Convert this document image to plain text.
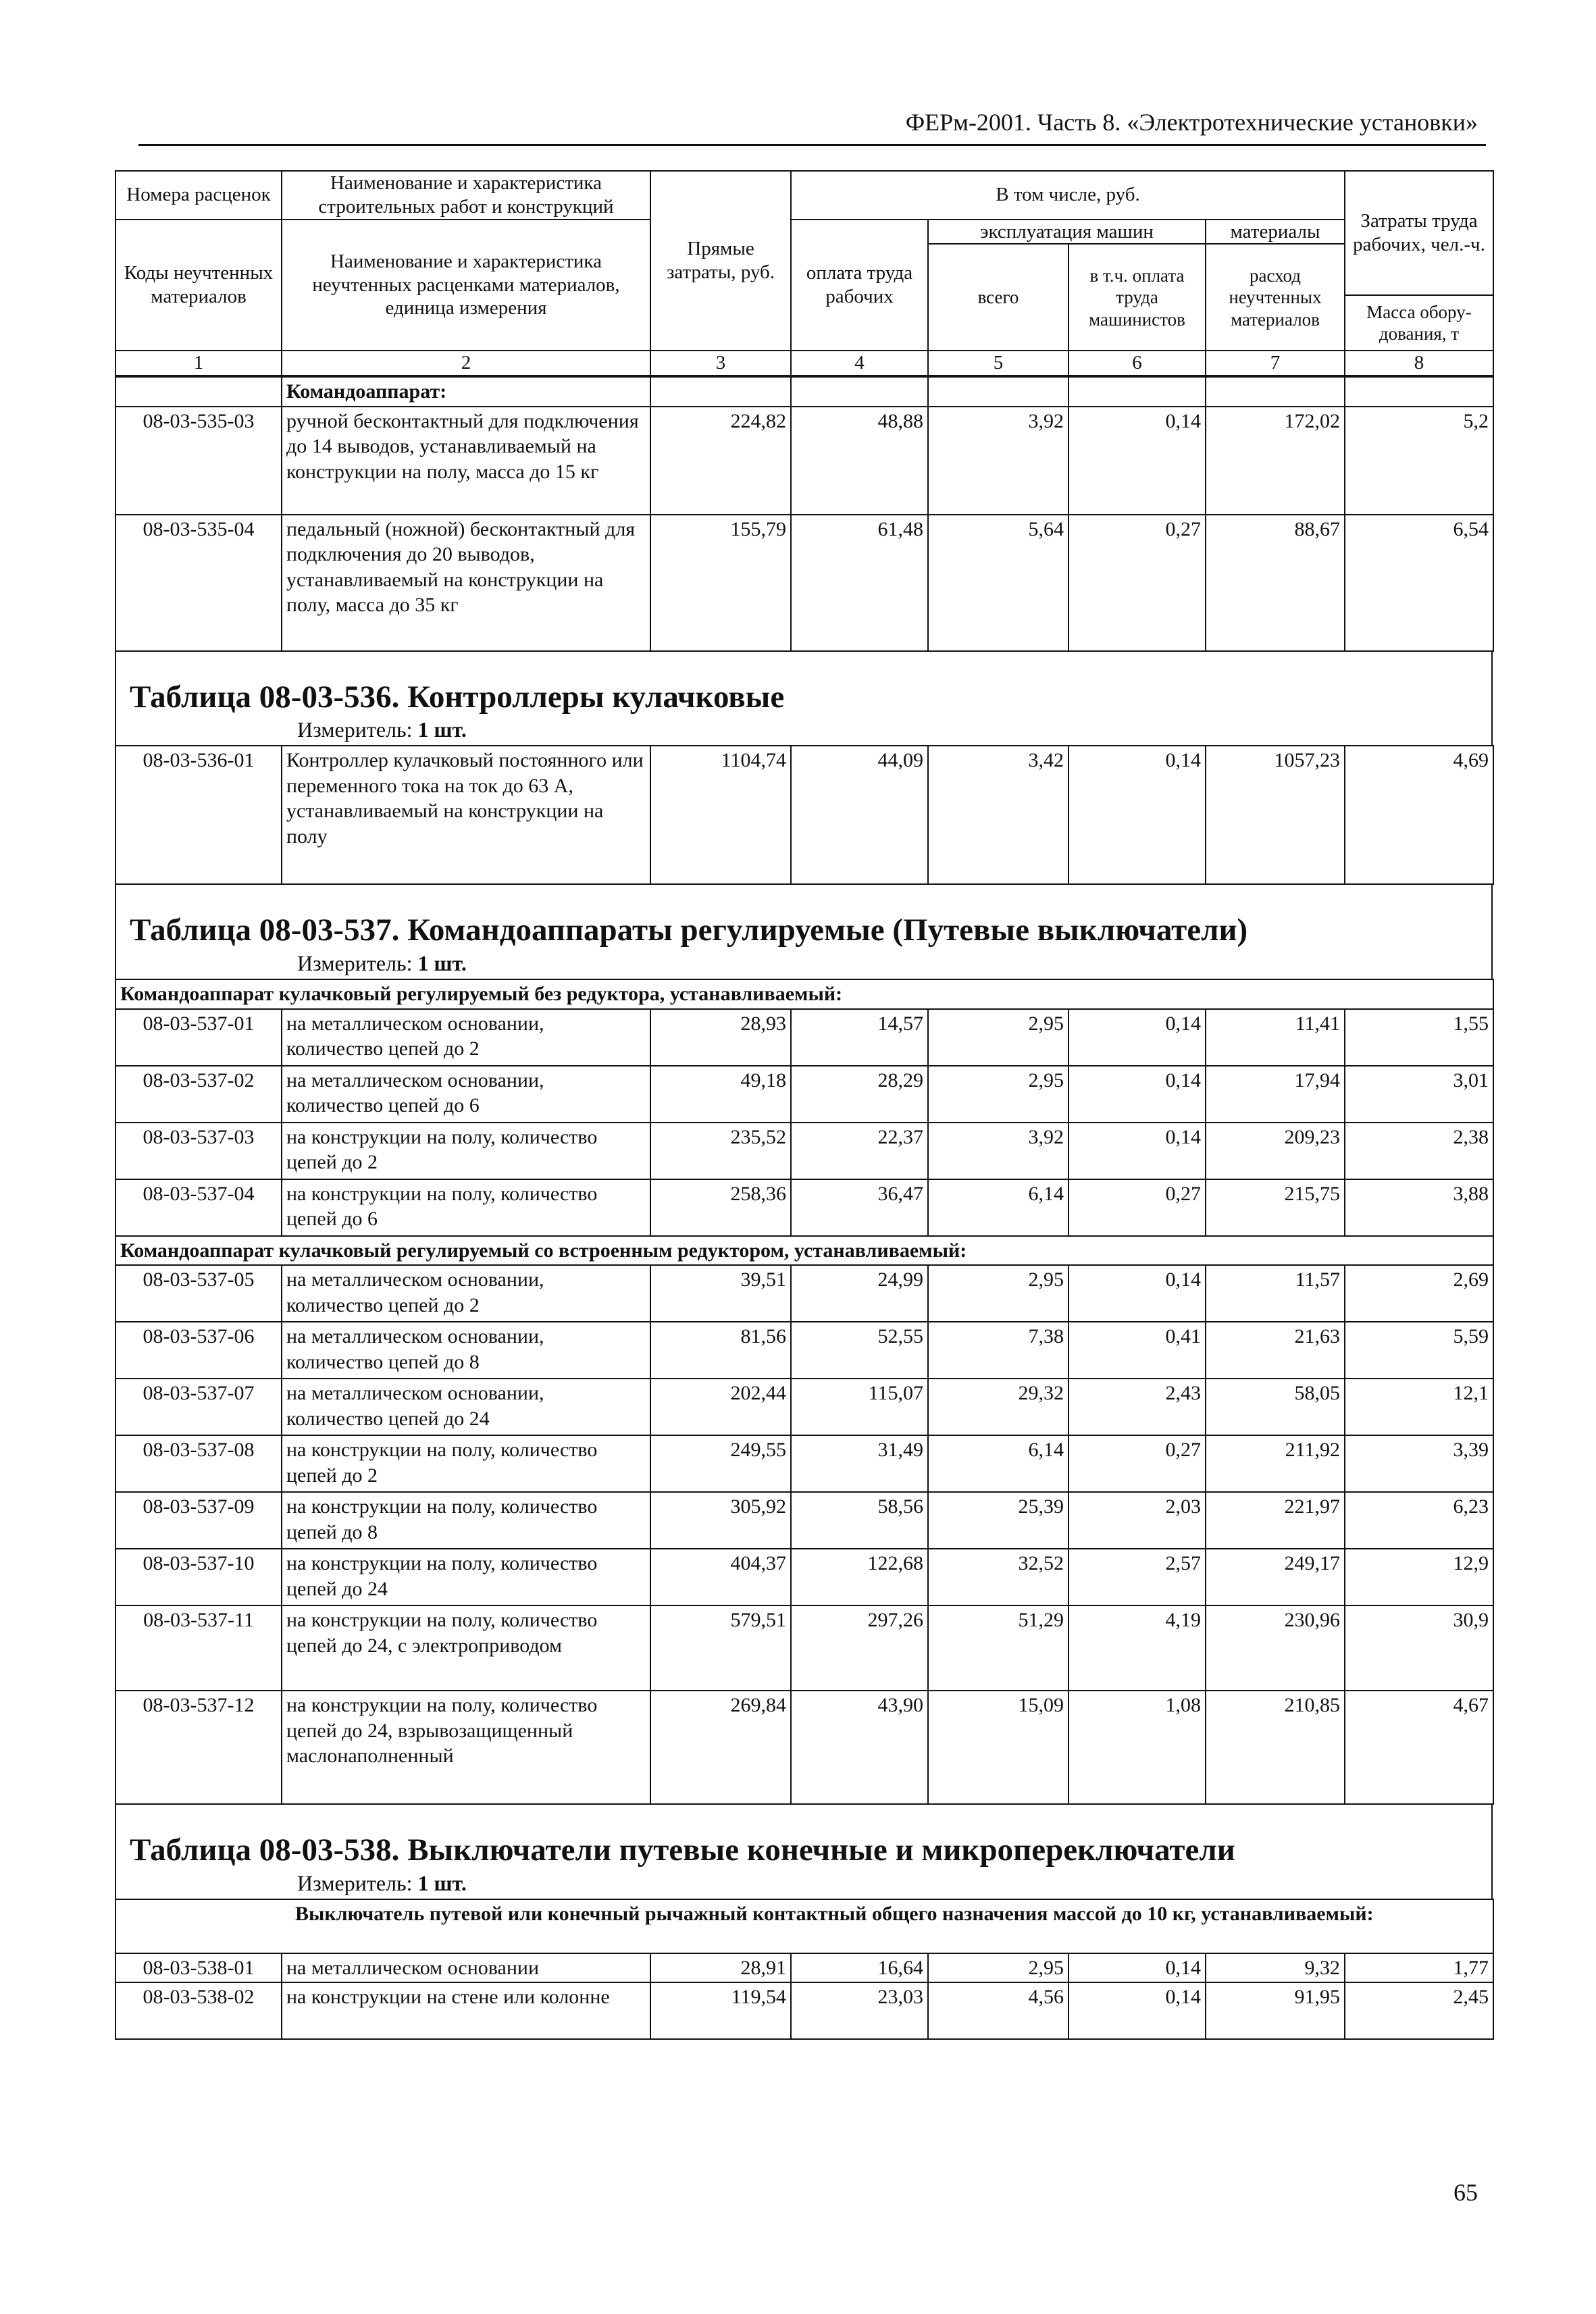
ФЕРм-2001. Часть 8. «Электротехнические установки»
Номера расценок	Наименование и характеристика строительных работ и конструкций	Прямые затраты, руб.	В том числе, руб.				Затраты труда рабочих, чел.-ч.
Коды неучтенных материалов	Наименование и характеристика неучтенных расценками материалов, единица измерения		оплата труда рабочих	эксплуатация машин		материалы	
				всего	в т.ч. оплата труда машинистов	расход неучтенных материалов	
							Масса обору-дования, т
1	2	3	4	5	6	7	8
	Командоаппарат:						
08-03-535-03	ручной бесконтактный для подключения до 14 выводов, устанавливаемый на конструкции на полу, масса до 15 кг	224,82	48,88	3,92	0,14	172,02	5,2
08-03-535-04	педальный (ножной) бесконтактный для подключения до 20 выводов, устанавливаемый на конструкции на полу, масса до 35 кг	155,79	61,48	5,64	0,27	88,67	6,54
Таблица 08-03-536. Контроллеры кулачковые
Измеритель: 1 шт.
08-03-536-01	Контроллер кулачковый постоянного или переменного тока на ток до 63 А, устанавливаемый на конструкции на полу	1104,74	44,09	3,42	0,14	1057,23	4,69
Таблица 08-03-537. Командоаппараты регулируемые (Путевые выключатели)
Измеритель: 1 шт.
Командоаппарат кулачковый регулируемый без редуктора, устанавливаемый:							
08-03-537-01	на металлическом основании, количество цепей до 2	28,93	14,57	2,95	0,14	11,41	1,55
08-03-537-02	на металлическом основании, количество цепей до 6	49,18	28,29	2,95	0,14	17,94	3,01
08-03-537-03	на конструкции на полу, количество цепей до 2	235,52	22,37	3,92	0,14	209,23	2,38
08-03-537-04	на конструкции на полу, количество цепей до 6	258,36	36,47	6,14	0,27	215,75	3,88
Командоаппарат кулачковый регулируемый со встроенным редуктором, устанавливаемый:							
08-03-537-05	на металлическом основании, количество цепей до 2	39,51	24,99	2,95	0,14	11,57	2,69
08-03-537-06	на металлическом основании, количество цепей до 8	81,56	52,55	7,38	0,41	21,63	5,59
08-03-537-07	на металлическом основании, количество цепей до 24	202,44	115,07	29,32	2,43	58,05	12,1
08-03-537-08	на конструкции на полу, количество цепей до 2	249,55	31,49	6,14	0,27	211,92	3,39
08-03-537-09	на конструкции на полу, количество цепей до 8	305,92	58,56	25,39	2,03	221,97	6,23
08-03-537-10	на конструкции на полу, количество цепей до 24	404,37	122,68	32,52	2,57	249,17	12,9
08-03-537-11	на конструкции на полу, количество цепей до 24, с электроприводом	579,51	297,26	51,29	4,19	230,96	30,9
08-03-537-12	на конструкции на полу, количество цепей до 24, взрывозащищенный маслонаполненный	269,84	43,90	15,09	1,08	210,85	4,67
Таблица 08-03-538. Выключатели путевые конечные и микропереключатели
Измеритель: 1 шт.
Выключатель путевой или конечный рычажный контактный общего назначения массой до 10 кг, устанавливаемый:							
08-03-538-01	на металлическом основании	28,91	16,64	2,95	0,14	9,32	1,77
08-03-538-02	на конструкции на стене или колонне	119,54	23,03	4,56	0,14	91,95	2,45
65
